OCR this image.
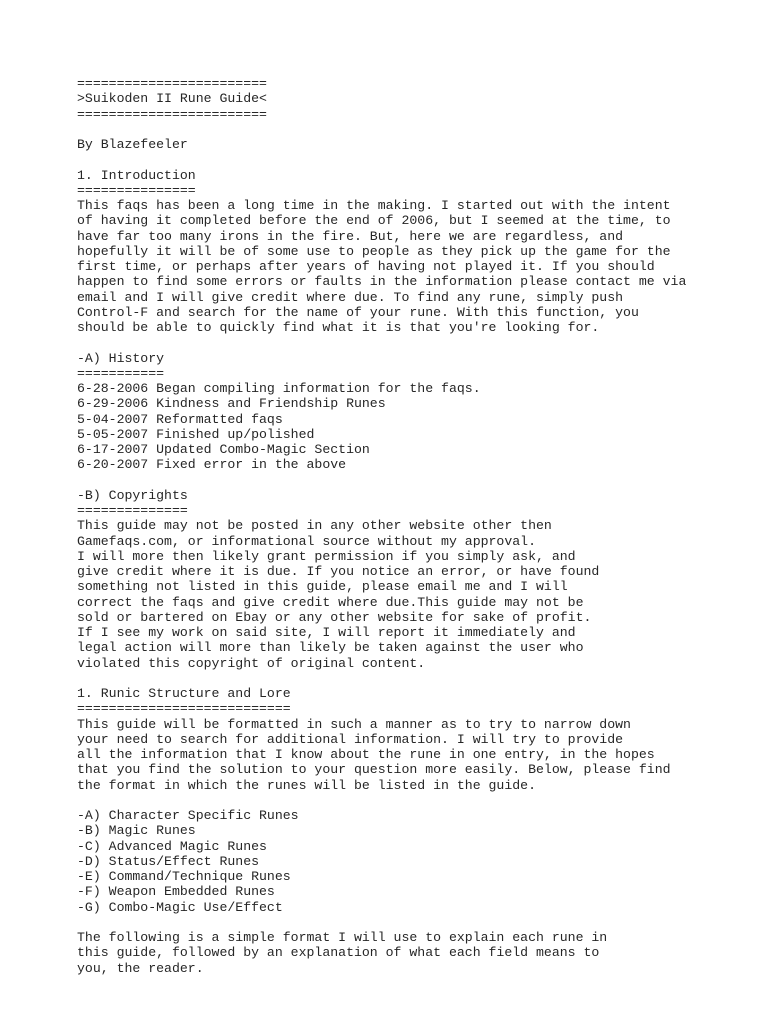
========================
>Suikoden II Rune Guide<
========================
By Blazefeeler
1. Introduction
===============
This faqs has been a long time in the making. I started out with the intent
of having it completed before the end of 2006, but I seemed at the time, to
have far too many irons in the fire. But, here we are regardless, and
hopefully it will be of some use to people as they pick up the game for the
first time, or perhaps after years of having not played it. If you should
happen to find some errors or faults in the information please contact me via
email and I will give credit where due. To find any rune, simply push
Control-F and search for the name of your rune. With this function, you
should be able to quickly find what it is that you're looking for.
-A) History
===========
6-28-2006 Began compiling information for the faqs.
6-29-2006 Kindness and Friendship Runes
5-04-2007 Reformatted faqs
5-05-2007 Finished up/polished
6-17-2007 Updated Combo-Magic Section
6-20-2007 Fixed error in the above
-B) Copyrights
==============
This guide may not be posted in any other website other then
Gamefaqs.com, or informational source without my approval.
I will more then likely grant permission if you simply ask, and
give credit where it is due. If you notice an error, or have found
something not listed in this guide, please email me and I will
correct the faqs and give credit where due.This guide may not be
sold or bartered on Ebay or any other website for sake of profit.
If I see my work on said site, I will report it immediately and
legal action will more than likely be taken against the user who
violated this copyright of original content.
1. Runic Structure and Lore
===========================
This guide will be formatted in such a manner as to try to narrow down
your need to search for additional information. I will try to provide
all the information that I know about the rune in one entry, in the hopes
that you find the solution to your question more easily. Below, please find
the format in which the runes will be listed in the guide.
-A) Character Specific Runes
-B) Magic Runes
-C) Advanced Magic Runes
-D) Status/Effect Runes
-E) Command/Technique Runes
-F) Weapon Embedded Runes
-G) Combo-Magic Use/Effect
The following is a simple format I will use to explain each rune in
this guide, followed by an explanation of what each field means to
you, the reader.
